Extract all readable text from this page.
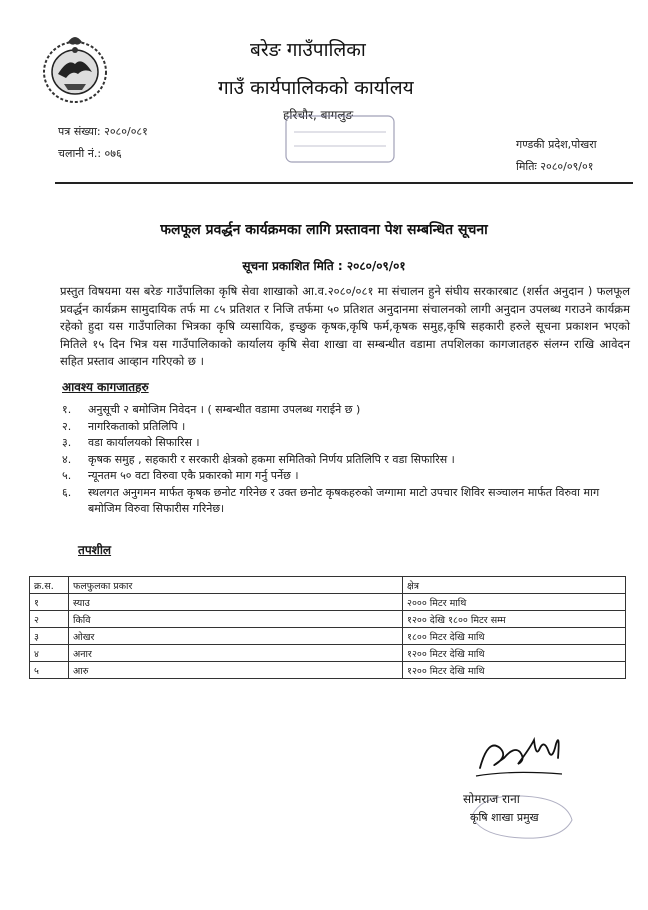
बरेङ गाउँपालिका
गाउँ कार्यपालिकको कार्यालय
हरिचौर, बागलुङ
पत्र संख्या: २०८०/०८१
चलानी नं.: ०७६
गण्डकी प्रदेश,पोखरा
मितिः २०८०/०९/०१
फलफूल प्रवर्द्धन कार्यक्रमका लागि प्रस्तावना पेश सम्बन्धित सूचना
सूचना प्रकाशित मिति : २०८०/०९/०१
प्रस्तुत विषयमा यस बरेङ गाउँपालिका कृषि सेवा शाखाको आ.व.२०८०/०८१ मा संचालन हुने संघीय सरकारबाट (शर्सत अनुदान ) फलफूल प्रवर्द्धन कार्यक्रम सामुदायिक तर्फ मा ८५ प्रतिशत र निजि तर्फमा ५० प्रतिशत अनुदानमा संचालनको लागी अनुदान उपलब्ध गराउने कार्यक्रम रहेको हुदा यस गाउँपालिका भित्रका कृषि व्यसायिक, इच्छुक कृषक,कृषि फर्म,कृषक समुह,कृषि सहकारी हरुले सूचना प्रकाशन भएको मितिले १५ दिन भित्र यस गाउँपालिकाको कार्यालय कृषि सेवा शाखा वा सम्बन्धीत वडामा तपशिलका कागजातहरु संलग्न राखि आवेदन सहित प्रस्ताव आव्हान गरिएको छ ।
आवश्य कागजातहरु
१.	अनुसूची २ बमोजिम निवेदन । ( सम्बन्धीत वडामा उपलब्ध गराईने छ )
२.	नागरिकताको प्रतिलिपि ।
३.	वडा कार्यालयको सिफारिस ।
४.	कृषक समुह , सहकारी र सरकारी क्षेत्रको हकमा समितिको निर्णय प्रतिलिपि र वडा सिफारिस ।
५.	न्यूनतम ५० वटा विरुवा एकै प्रकारको माग गर्नु पर्नेछ ।
६.	स्थलगत अनुगमन मार्फत कृषक छनोट गरिनेछ र उक्त छनोट कृषकहरुको जग्गामा माटो उपचार शिविर सञ्चालन मार्फत विरुवा माग बमोजिम विरुवा सिफारीस गरिनेछ।
तपशील
क्र.स.	फलफुलका प्रकार	क्षेत्र
१	स्याउ	२००० मिटर माथि
२	किवि	१२०० देखि १८०० मिटर सम्म
३	ओखर	१८०० मिटर देखि माथि
४	अनार	१२०० मिटर देखि माथि
५	आरु	१२०० मिटर देखि माथि
सोमराज राना
कृषि शाखा प्रमुख
